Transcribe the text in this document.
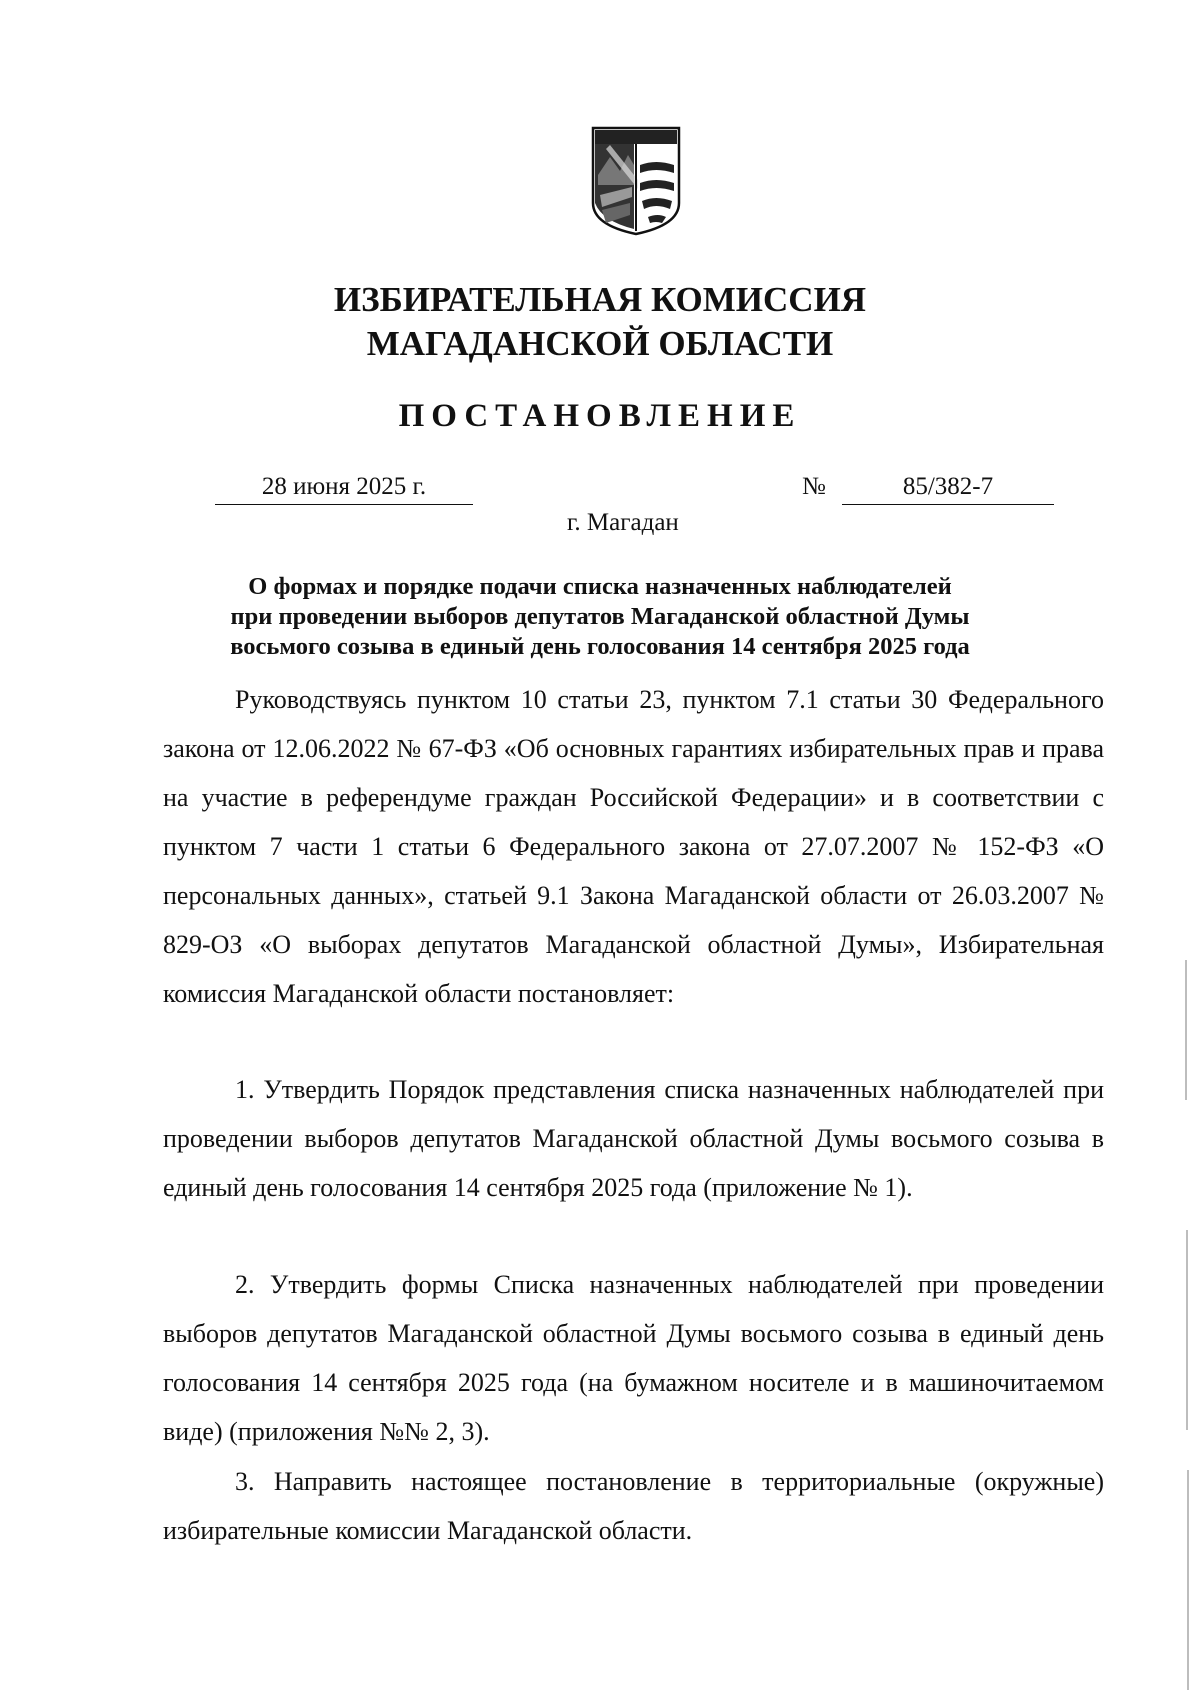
ИЗБИРАТЕЛЬНАЯ КОМИССИЯ
МАГАДАНСКОЙ ОБЛАСТИ
ПОСТАНОВЛЕНИЕ
28 июня 2025 г.	№	85/382-7
г. Магадан
О формах и порядке подачи списка назначенных наблюдателей
при проведении выборов депутатов Магаданской областной Думы
восьмого созыва в единый день голосования 14 сентября 2025 года

Руководствуясь пунктом 10 статьи 23, пунктом 7.1 статьи 30 Федерального закона от 12.06.2022 № 67-ФЗ «Об основных гарантиях избирательных прав и права на участие в референдуме граждан Российской Федерации» и в соответствии с пунктом 7 части 1 статьи 6 Федерального закона от 27.07.2007 № 152-ФЗ «О персональных данных», статьей 9.1 Закона Магаданской области от 26.03.2007 № 829-ОЗ «О выборах депутатов Магаданской областной Думы», Избирательная комиссия Магаданской области постановляет:

1. Утвердить Порядок представления списка назначенных наблюдателей при проведении выборов депутатов Магаданской областной Думы восьмого созыва в единый день голосования 14 сентября 2025 года (приложение № 1).

2. Утвердить формы Списка назначенных наблюдателей при проведении выборов депутатов Магаданской областной Думы восьмого созыва в единый день голосования 14 сентября 2025 года (на бумажном носителе и в машиночитаемом виде) (приложения №№ 2, 3).

3. Направить настоящее постановление в территориальные (окружные) избирательные комиссии Магаданской области.
